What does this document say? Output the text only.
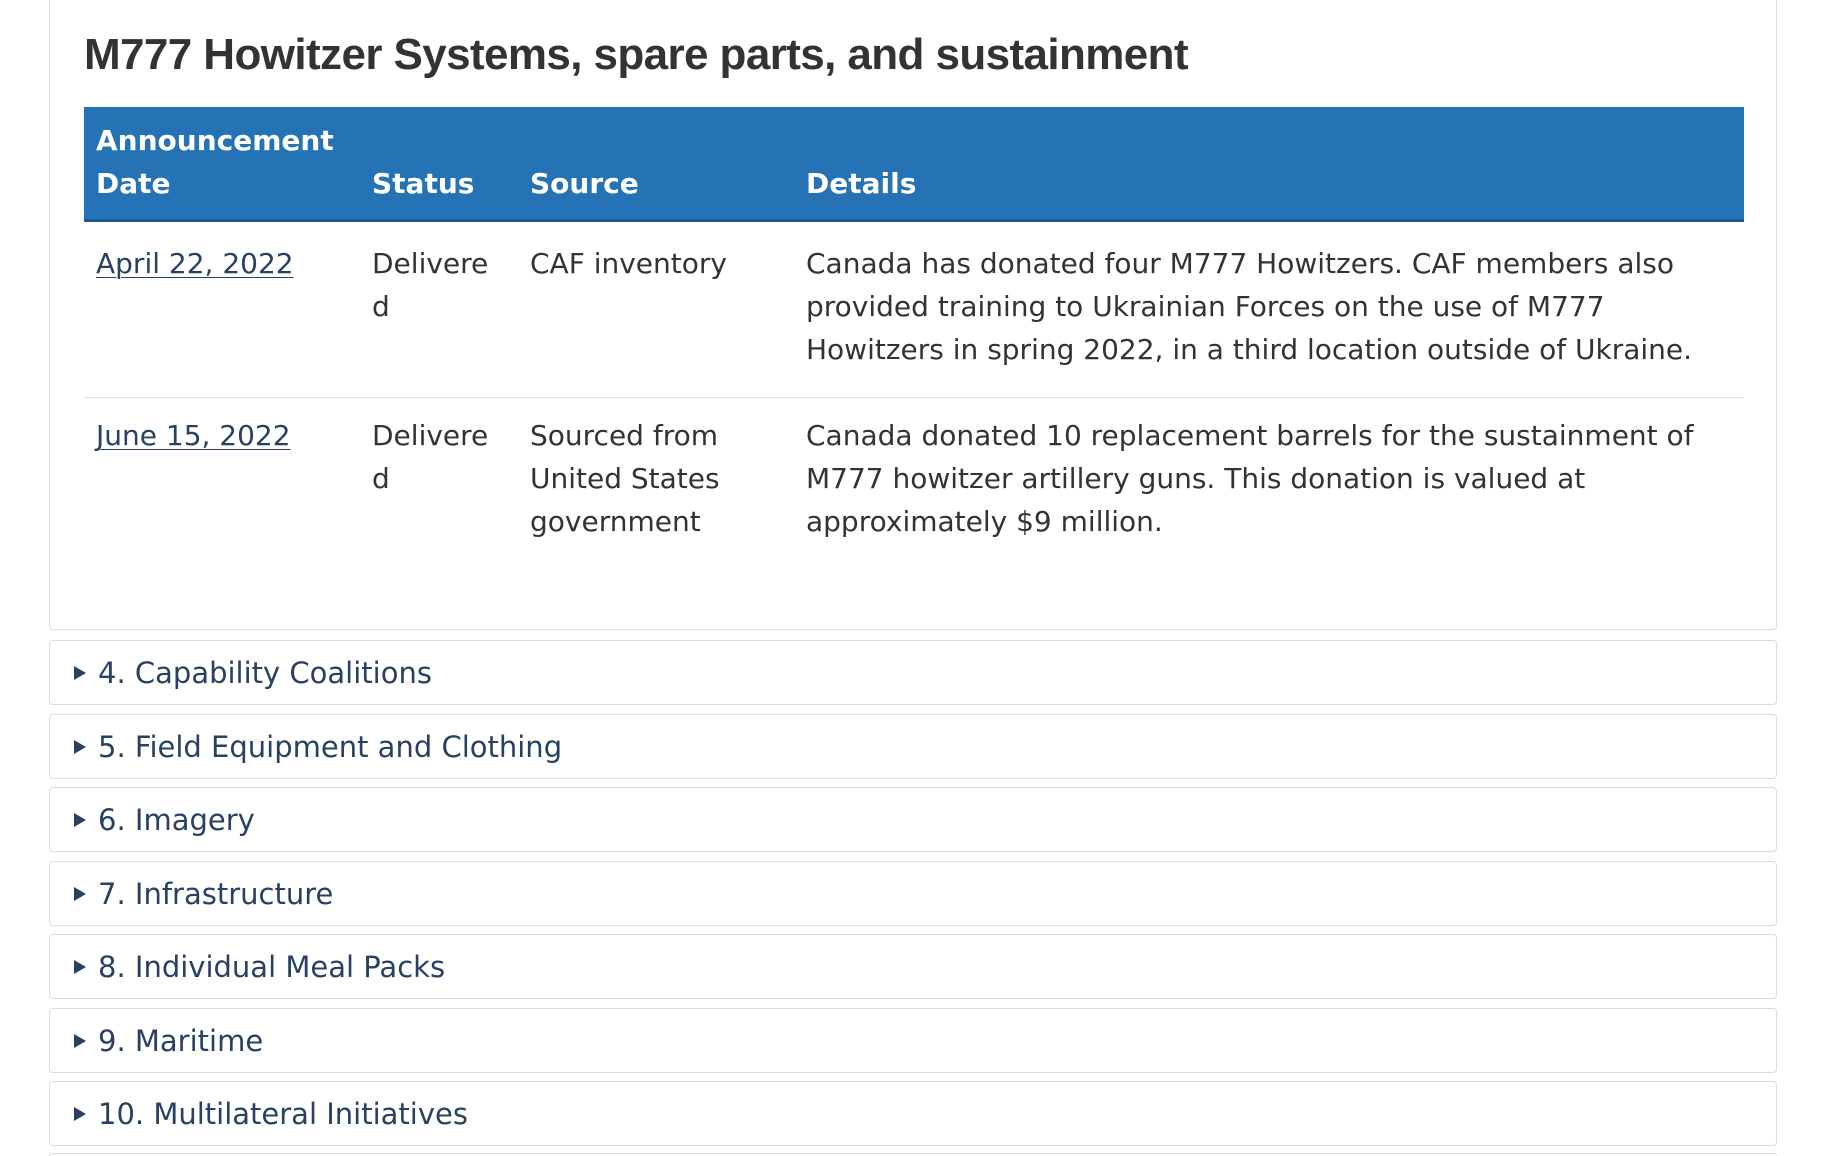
M777 Howitzer Systems, spare parts, and sustainment
Announcement
Date	Status	Source	Details
April 22, 2022	Delivered	CAF inventory	Canada has donated four M777 Howitzers. CAF members also provided training to Ukrainian Forces on the use of M777 Howitzers in spring 2022, in a third location outside of Ukraine.
June 15, 2022	Delivered	Sourced from United States government	Canada donated 10 replacement barrels for the sustainment of M777 howitzer artillery guns. This donation is valued at approximately $9 million.
4. Capability Coalitions
5. Field Equipment and Clothing
6. Imagery
7. Infrastructure
8. Individual Meal Packs
9. Maritime
10. Multilateral Initiatives
